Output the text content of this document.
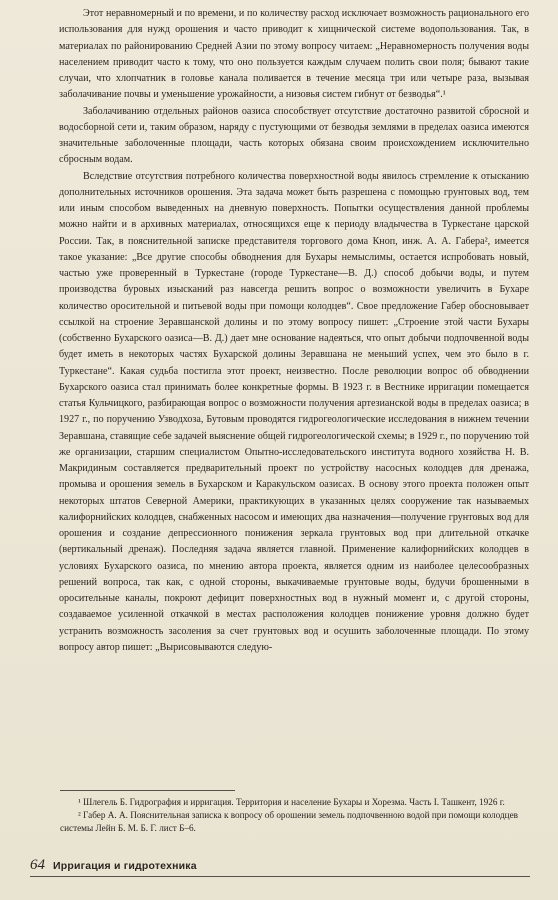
Этот неравномерный и по времени, и по количеству расход исключает возможность рационального его использования для нужд орошения и часто приводит к хищнической системе водопользования. Так, в материалах по районированию Средней Азии по этому вопросу читаем: „Неравномерность получения воды населением приводит часто к тому, что оно пользуется каждым случаем полить свои поля; бывают такие случаи, что хлопчатник в головье канала поливается в течение месяца три или четыре раза, вызывая заболачивание почвы и уменьшение урожайности, а низовья систем гибнут от безводья“.¹

Заболачиванию отдельных районов оазиса способствует отсутствие достаточно развитой сбросной и водосборной сети и, таким образом, наряду с пустующими от безводья землями в пределах оазиса имеются значительные заболоченные площади, часть которых обязана своим происхождением исключительно сбросным водам.

Вследствие отсутствия потребного количества поверхностной воды явилось стремление к отысканию дополнительных источников орошения. Эта задача может быть разрешена с помощью грунтовых вод, тем или иным способом выведенных на дневную поверхность. Попытки осуществления данной проблемы можно найти и в архивных материалах, относящихся еще к периоду владычества в Туркестане царской России. Так, в пояснительной записке представителя торгового дома Кноп, инж. А. А. Габера², имеется такое указание: „Все другие способы обводнения для Бухары немыслимы, остается испробовать новый, частью уже проверенный в Туркестане (городе Туркестане—В. Д.) способ добычи воды, и путем производства буровых изысканий раз навсегда решить вопрос о возможности увеличить в Бухаре количество оросительной и питьевой воды при помощи колодцев“. Свое предложение Габер обосновывает ссылкой на строение Зеравшанской долины и по этому вопросу пишет: „Строение этой части Бухары (собственно Бухарского оазиса—В. Д.) дает мне основание надеяться, что опыт добычи подпочвенной воды будет иметь в некоторых частях Бухарской долины Зеравшана не меньший успех, чем это было в г. Туркестане“. Какая судьба постигла этот проект, неизвестно. После революции вопрос об обводнении Бухарского оазиса стал принимать более конкретные формы. В 1923 г. в Вестнике ирригации помещается статья Кульчицкого, разбирающая вопрос о возможности получения артезианской воды в пределах оазиса; в 1927 г., по поручению Узводхоза, Бутовым проводятся гидрогеологические исследования в нижнем течении Зеравшана, ставящие себе задачей выяснение общей гидрогеологической схемы; в 1929 г., по поручению той же организации, старшим специалистом Опытно-исследовательского института водного хозяйства Н. В. Макридиным составляется предварительный проект по устройству насосных колодцев для дренажа, промыва и орошения земель в Бухарском и Каракульском оазисах. В основу этого проекта положен опыт некоторых штатов Северной Америки, практикующих в указанных целях сооружение так называемых калифорнийских колодцев, снабженных насосом и имеющих два назначения—получение грунтовых вод для орошения и создание депрессионного понижения зеркала грунтовых вод при длительной откачке (вертикальный дренаж). Последняя задача является главной. Применение калифорнийских колодцев в условиях Бухарского оазиса, по мнению автора проекта, является одним из наиболее целесообразных решений вопроса, так как, с одной стороны, выкачиваемые грунтовые воды, будучи брошенными в оросительные каналы, покроют дефицит поверхностных вод в нужный момент и, с другой стороны, создаваемое усиленной откачкой в местах расположения колодцев понижение уровня должно будет устранить возможность засоления за счет грунтовых вод и осушить заболоченные площади. По этому вопросу автор пишет: „Вырисовываются следую-

¹ Шлегель Б. Гидрография и ирригация. Территория и население Бухары и Хорезма. Часть I. Ташкент, 1926 г.

² Габер А. А. Пояснительная записка к вопросу об орошении земель подпочвенною водой при помощи колодцев системы Лейн Б. М. Б. Г. лист Б–6.

64 Ирригация и гидротехника
